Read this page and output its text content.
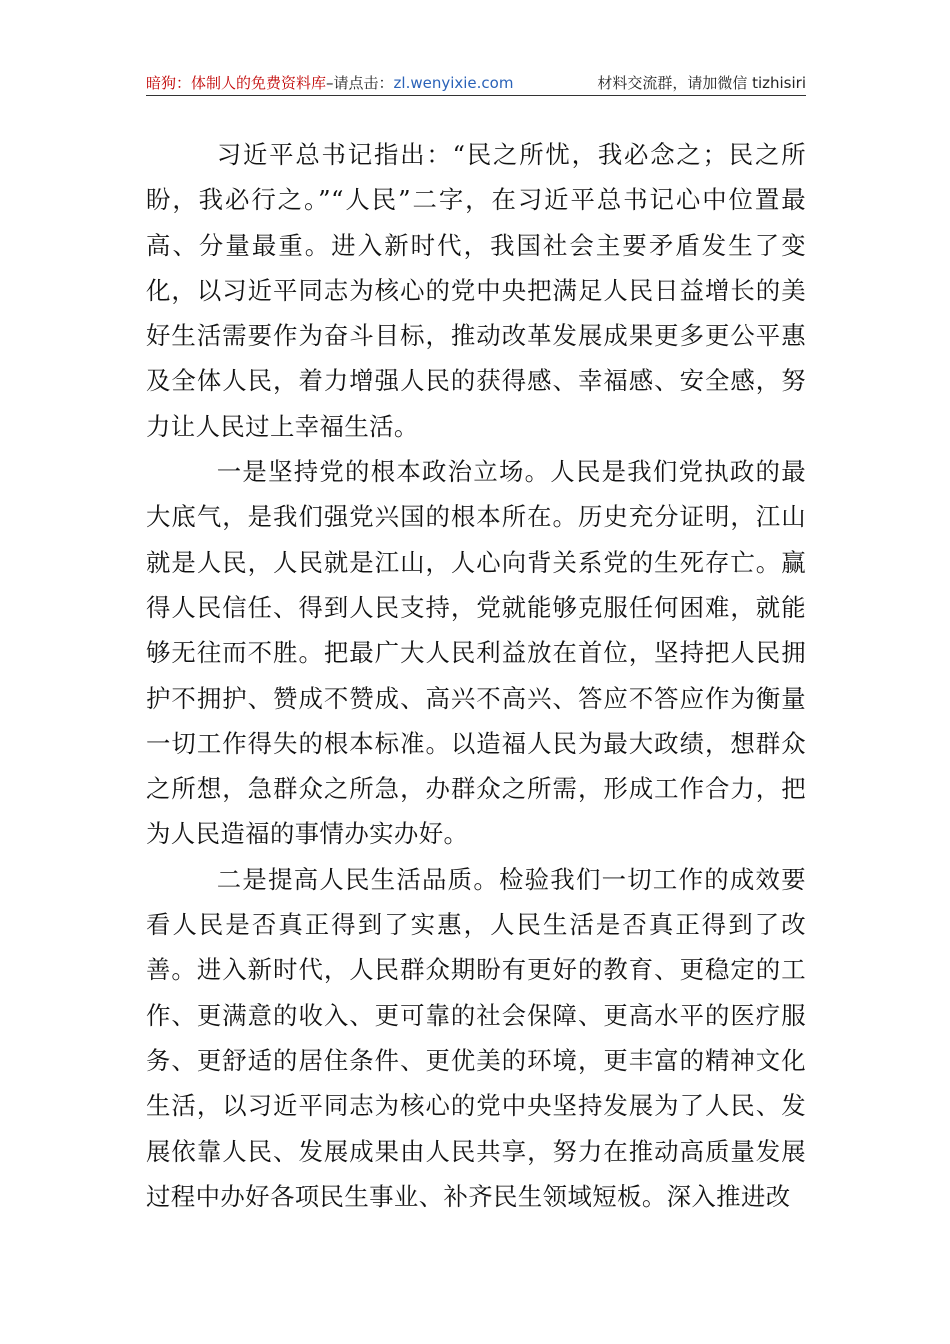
暗狗：体制人的免费资料库–请点击：zl.wenyixie.com	材料交流群，请加微信 tizhisiri

习近平总书记指出：“民之所忧，我必念之；民之所盼，我必行之。”“人民”二字，在习近平总书记心中位置最高、分量最重。进入新时代，我国社会主要矛盾发生了变化，以习近平同志为核心的党中央把满足人民日益增长的美好生活需要作为奋斗目标，推动改革发展成果更多更公平惠及全体人民，着力增强人民的获得感、幸福感、安全感，努力让人民过上幸福生活。

一是坚持党的根本政治立场。人民是我们党执政的最大底气，是我们强党兴国的根本所在。历史充分证明，江山就是人民，人民就是江山，人心向背关系党的生死存亡。赢得人民信任、得到人民支持，党就能够克服任何困难，就能够无往而不胜。把最广大人民利益放在首位，坚持把人民拥护不拥护、赞成不赞成、高兴不高兴、答应不答应作为衡量一切工作得失的根本标准。以造福人民为最大政绩，想群众之所想，急群众之所急，办群众之所需，形成工作合力，把为人民造福的事情办实办好。

二是提高人民生活品质。检验我们一切工作的成效要看人民是否真正得到了实惠，人民生活是否真正得到了改善。进入新时代，人民群众期盼有更好的教育、更稳定的工作、更满意的收入、更可靠的社会保障、更高水平的医疗服务、更舒适的居住条件、更优美的环境，更丰富的精神文化生活，以习近平同志为核心的党中央坚持发展为了人民、发展依靠人民、发展成果由人民共享，努力在推动高质量发展过程中办好各项民生事业、补齐民生领域短板。深入推进改
